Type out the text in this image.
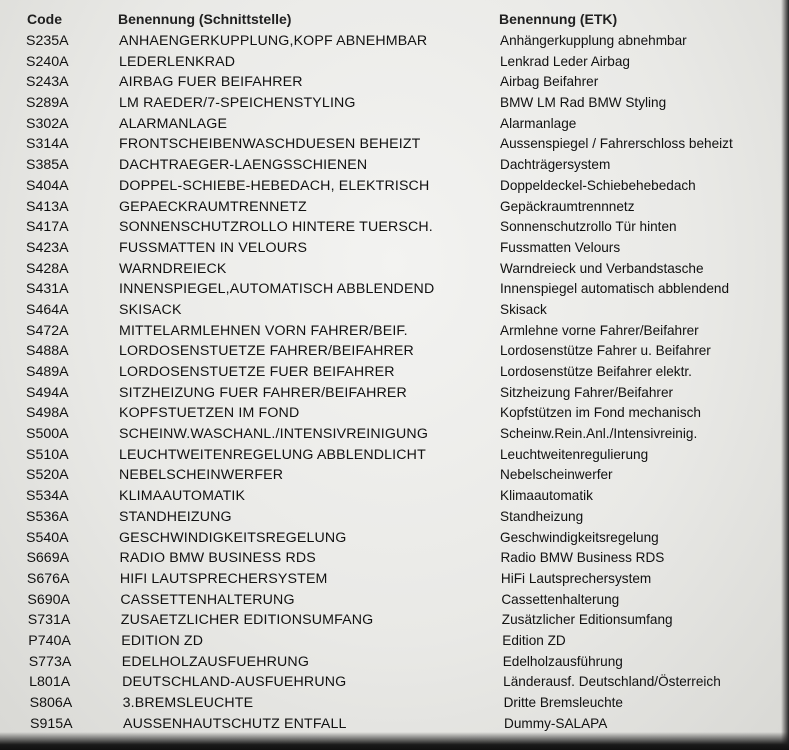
Code	Benennung (Schnittstelle)	Benennung (ETK)
S235A	ANHAENGERKUPPLUNG,KOPF ABNEHMBAR	Anhängerkupplung abnehmbar
S240A	LEDERLENKRAD	Lenkrad Leder Airbag
S243A	AIRBAG FUER BEIFAHRER	Airbag Beifahrer
S289A	LM RAEDER/7-SPEICHENSTYLING	BMW LM Rad BMW Styling
S302A	ALARMANLAGE	Alarmanlage
S314A	FRONTSCHEIBENWASCHDUESEN BEHEIZT	Aussenspiegel / Fahrerschloss beheizt
S385A	DACHTRAEGER-LAENGSSCHIENEN	Dachträgersystem
S404A	DOPPEL-SCHIEBE-HEBEDACH, ELEKTRISCH	Doppeldeckel-Schiebehebedach
S413A	GEPAECKRAUMTRENNETZ	Gepäckraumtrennnetz
S417A	SONNENSCHUTZROLLO HINTERE TUERSCH.	Sonnenschutzrollo Tür hinten
S423A	FUSSMATTEN IN VELOURS	Fussmatten Velours
S428A	WARNDREIECK	Warndreieck und Verbandstasche
S431A	INNENSPIEGEL,AUTOMATISCH ABBLENDEND	Innenspiegel automatisch abblendend
S464A	SKISACK	Skisack
S472A	MITTELARMLEHNEN VORN FAHRER/BEIF.	Armlehne vorne Fahrer/Beifahrer
S488A	LORDOSENSTUETZE FAHRER/BEIFAHRER	Lordosenstütze Fahrer u. Beifahrer
S489A	LORDOSENSTUETZE FUER BEIFAHRER	Lordosenstütze Beifahrer elektr.
S494A	SITZHEIZUNG FUER FAHRER/BEIFAHRER	Sitzheizung Fahrer/Beifahrer
S498A	KOPFSTUETZEN IM FOND	Kopfstützen im Fond mechanisch
S500A	SCHEINW.WASCHANL./INTENSIVREINIGUNG	Scheinw.Rein.Anl./Intensivreinig.
S510A	LEUCHTWEITENREGELUNG ABBLENDLICHT	Leuchtweitenregulierung
S520A	NEBELSCHEINWERFER	Nebelscheinwerfer
S534A	KLIMAAUTOMATIK	Klimaautomatik
S536A	STANDHEIZUNG	Standheizung
S540A	GESCHWINDIGKEITSREGELUNG	Geschwindigkeitsregelung
S669A	RADIO BMW BUSINESS RDS	Radio BMW Business RDS
S676A	HIFI LAUTSPRECHERSYSTEM	HiFi Lautsprechersystem
S690A	CASSETTENHALTERUNG	Cassettenhalterung
S731A	ZUSAETZLICHER EDITIONSUMFANG	Zusätzlicher Editionsumfang
P740A	EDITION ZD	Edition ZD
S773A	EDELHOLZAUSFUEHRUNG	Edelholzausführung
L801A	DEUTSCHLAND-AUSFUEHRUNG	Länderausf. Deutschland/Österreich
S806A	3.BREMSLEUCHTE	Dritte Bremsleuchte
S915A	AUSSENHAUTSCHUTZ ENTFALL	Dummy-SALAPA
